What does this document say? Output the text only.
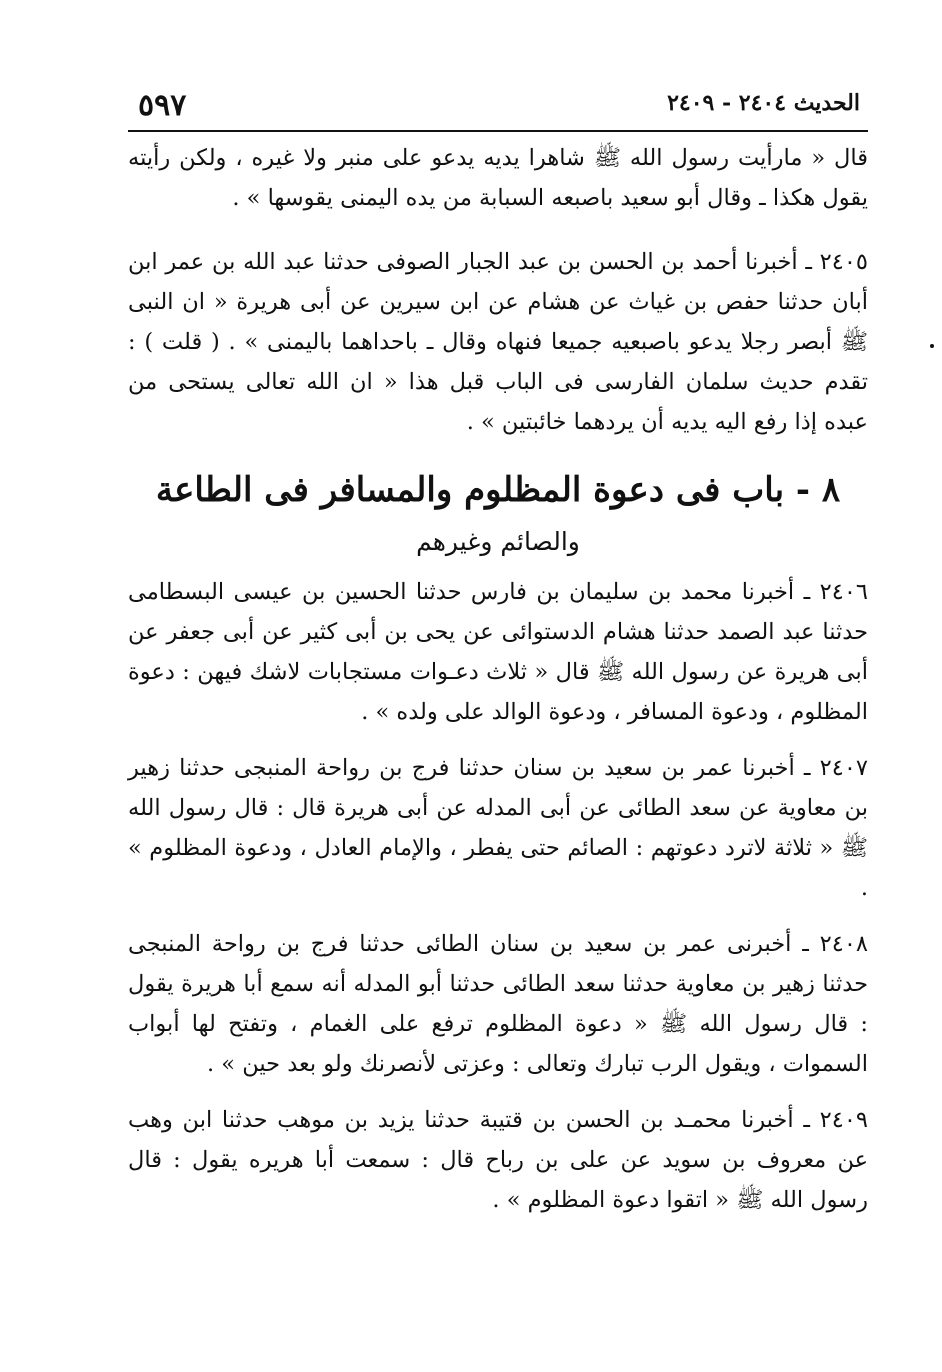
٥٩٧	الحديث ٢٤٠٤ - ٢٤٠٩

قال « مارأيت رسول الله ﷺ شاهرا يديه يدعو على منبر ولا غيره ، ولكن رأيته يقول هكذا ـ وقال أبو سعيد باصبعه السبابة من يده اليمنى يقوسها » .

٢٤٠٥ ـ أخبرنا أحمد بن الحسن بن عبد الجبار الصوفى حدثنا عبد الله بن عمر ابن أبان حدثنا حفص بن غياث عن هشام عن ابن سيرين عن أبى هريرة « ان النبى ﷺ أبصر رجلا يدعو باصبعيه جميعا فنهاه وقال ـ باحداهما باليمنى » . ( قلت ) : تقدم حديث سلمان الفارسى فى الباب قبل هذا « ان الله تعالى يستحى من عبده إذا رفع اليه يديه أن يردهما خائبتين » .

٨ - باب فى دعوة المظلوم والمسافر فى الطاعة
والصائم وغيرهم

٢٤٠٦ ـ أخبرنا محمد بن سليمان بن فارس حدثنا الحسين بن عيسى البسطامى حدثنا عبد الصمد حدثنا هشام الدستوائى عن يحى بن أبى كثير عن أبى جعفر عن أبى هريرة عن رسول الله ﷺ قال « ثلاث دعـوات مستجابات لاشك فيهن : دعوة المظلوم ، ودعوة المسافر ، ودعوة الوالد على ولده » .

٢٤٠٧ ـ أخبرنا عمر بن سعيد بن سنان حدثنا فرج بن رواحة المنبجى حدثنا زهير بن معاوية عن سعد الطائى عن أبى المدله عن أبى هريرة قال : قال رسول الله ﷺ « ثلاثة لاترد دعوتهم : الصائم حتى يفطر ، والإمام العادل ، ودعوة المظلوم » .

٢٤٠٨ ـ أخبرنى عمر بن سعيد بن سنان الطائى حدثنا فرج بن رواحة المنبجى حدثنا زهير بن معاوية حدثنا سعد الطائى حدثنا أبو المدله أنه سمع أبا هريرة يقول : قال رسول الله ﷺ « دعوة المظلوم ترفع على الغمام ، وتفتح لها أبواب السموات ، ويقول الرب تبارك وتعالى : وعزتى لأنصرنك ولو بعد حين » .

٢٤٠٩ ـ أخبرنا محمـد بن الحسن بن قتيبة حدثنا يزيد بن موهب حدثنا ابن وهب عن معروف بن سويد عن على بن رباح قال : سمعت أبا هريره يقول : قال رسول الله ﷺ « اتقوا دعوة المظلوم » .
